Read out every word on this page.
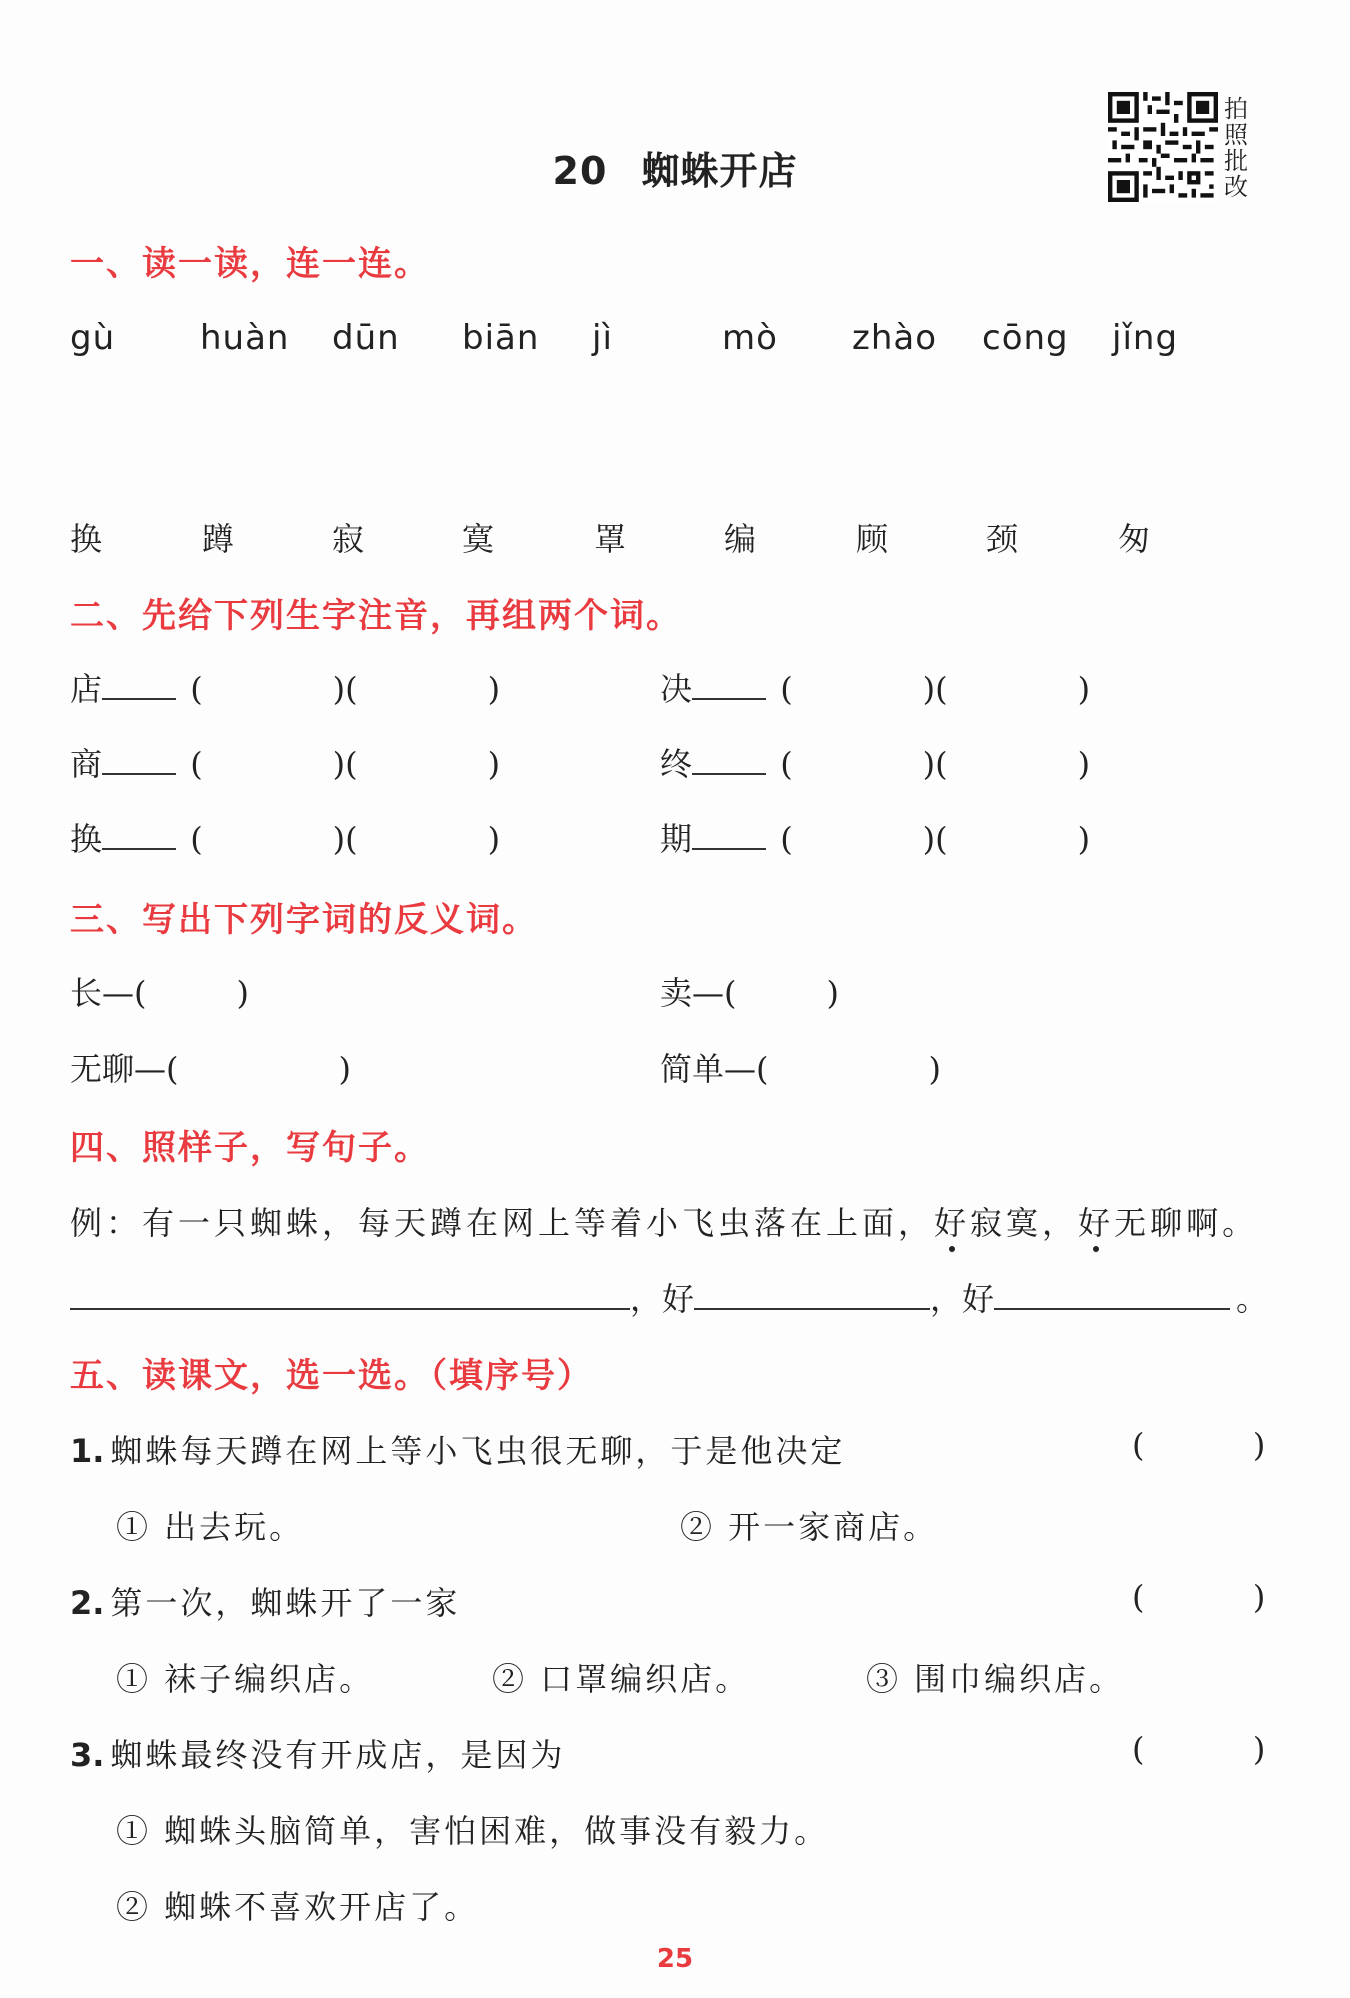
20 蜘蛛开店
拍
照
批
改
一、读一读，连一连。
gù huàn dūn biān jì	mò zhào cōng jǐng
换	蹲	寂	寞	罩	编	顾	颈	匆
二、先给下列生字注音，再组两个词。
店	(	)(	)
商	(	)(	)
换	(	)(	)
决	(	)(	)
终	(	)(	)
期	(	)(	)
三、写出下列字词的反义词。
长—(	)	卖—(	)
无聊—(	)	简单—(	)
四、照样子，写句子。
例：有一只蜘蛛，每天蹲在网上等着小飞虫落在上面，好寂寞，好无聊啊。
，好	，好	。
五、读课文，选一选。（填序号）
1. 蜘蛛每天蹲在网上等小飞虫很无聊，于是他决定	(        )
① 出去玩。	② 开一家商店。
2. 第一次，蜘蛛开了一家	(        )
① 袜子编织店。	② 口罩编织店。	③ 围巾编织店。
3. 蜘蛛最终没有开成店，是因为	(        )
① 蜘蛛头脑简单，害怕困难，做事没有毅力。
② 蜘蛛不喜欢开店了。
25
